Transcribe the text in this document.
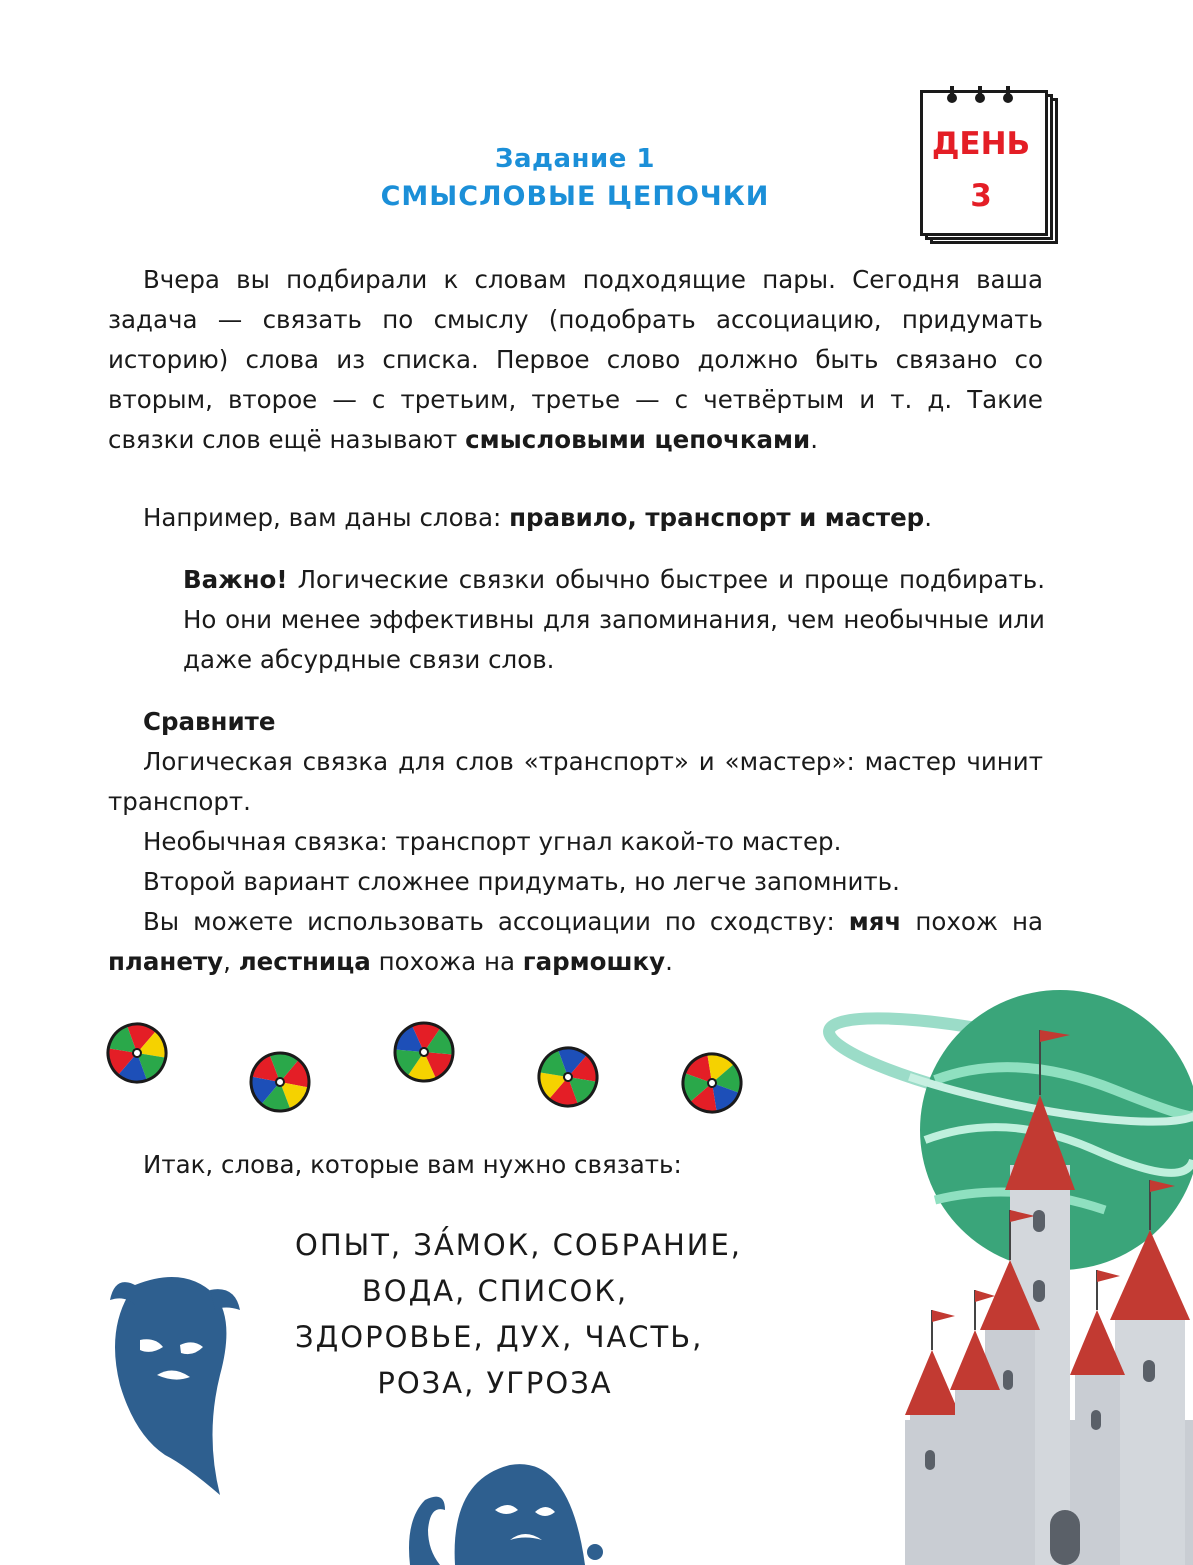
Задание 1
СМЫСЛОВЫЕ ЦЕПОЧКИ
ДЕНЬ
3

Вчера вы подбирали к словам подходящие пары. Сегодня ваша задача — связать по смыслу (подобрать ассоциацию, придумать историю) слова из списка. Первое слово должно быть связано со вторым, второе — с третьим, третье — с четвёртым и т. д. Такие связки слов ещё называют смысловыми цепочками.

Например, вам даны слова: правило, транспорт и мастер.

Важно! Логические связки обычно быстрее и проще подбирать. Но они менее эффективны для запоминания, чем необычные или даже абсурдные связи слов.

Сравните

Логическая связка для слов «транспорт» и «мастер»: мастер чинит транспорт.

Необычная связка: транспорт угнал какой-то мастер.

Второй вариант сложнее придумать, но легче запомнить.

Вы можете использовать ассоциации по сходству: мяч похож на планету, лестница похожа на гармошку.

Итак, слова, которые вам нужно связать:

ОПЫТ, ЗА́МОК, СОБРАНИЕ,
ВОДА, СПИСОК,
ЗДОРОВЬЕ, ДУХ, ЧАСТЬ,
РОЗА, УГРОЗА
